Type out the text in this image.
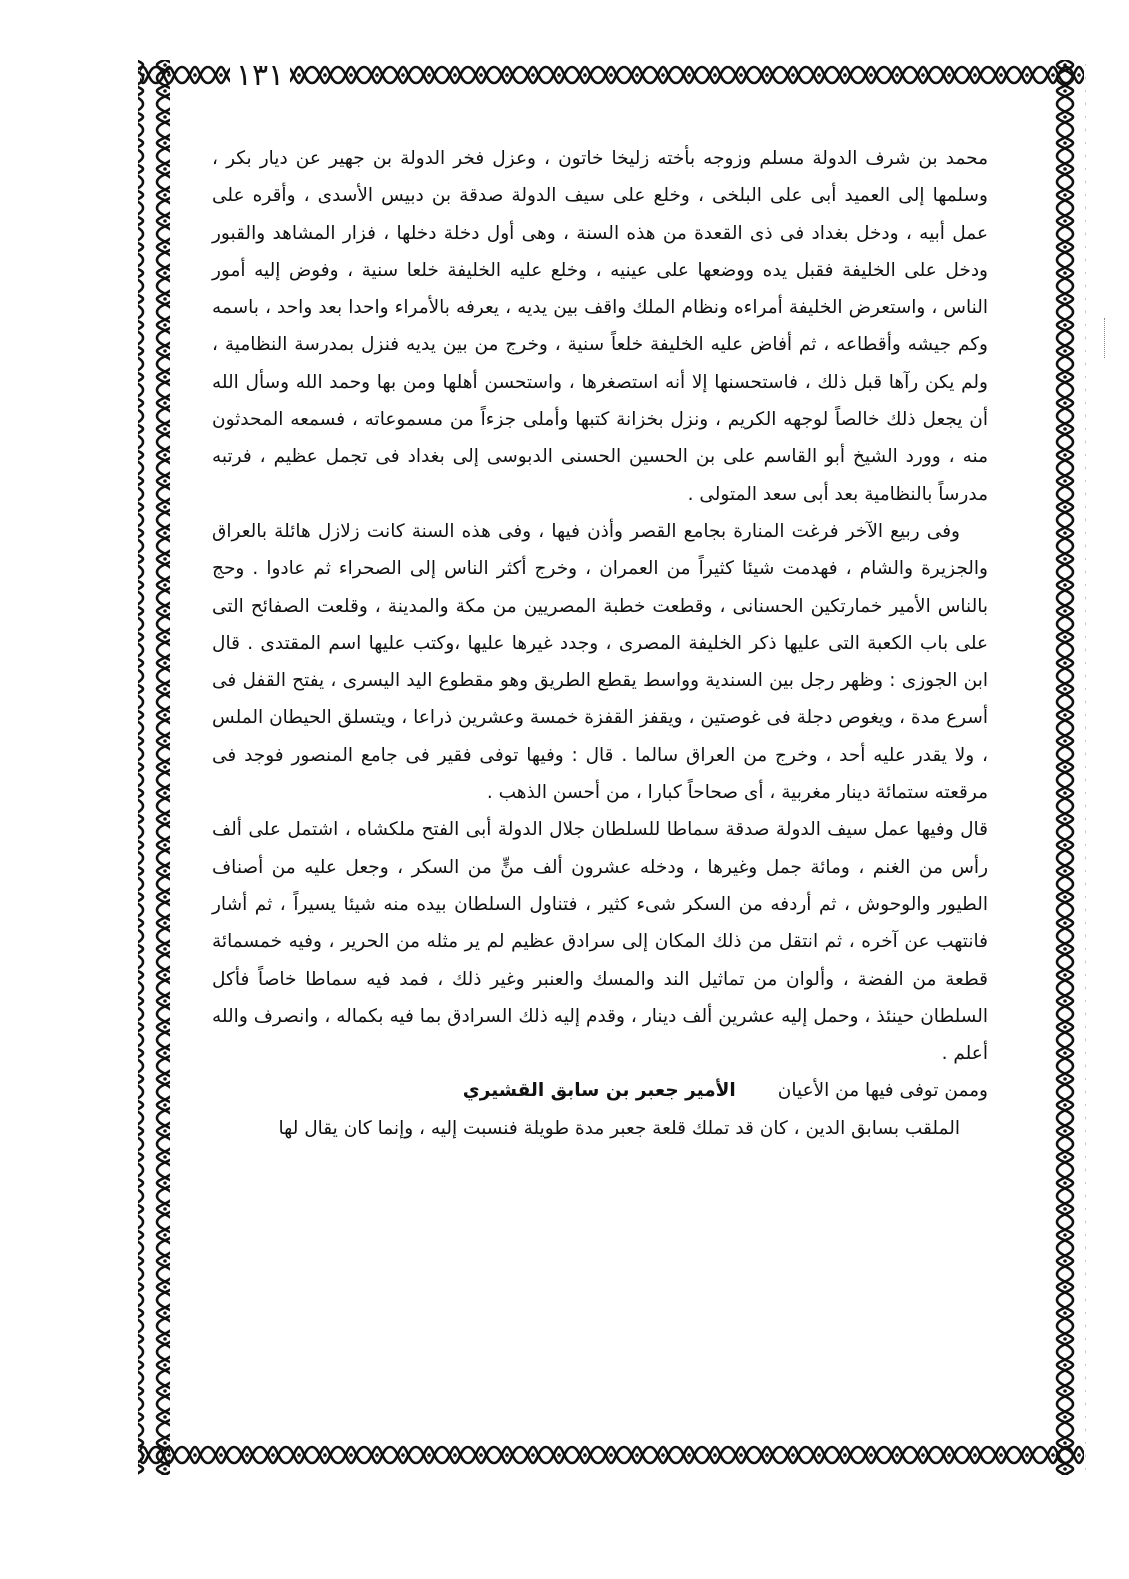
١٣١

محمد بن شرف الدولة مسلم وزوجه بأخته زليخا خاتون ، وعزل فخر الدولة بن جهير عن ديار بكر ، وسلمها إلى العميد أبى على البلخى ، وخلع على سيف الدولة صدقة بن دبيس الأسدى ، وأقره على عمل أبيه ، ودخل بغداد فى ذى القعدة من هذه السنة ، وهى أول دخلة دخلها ، فزار المشاهد والقبور ودخل على الخليفة فقبل يده ووضعها على عينيه ، وخلع عليه الخليفة خلعا سنية ، وفوض إليه أمور الناس ، واستعرض الخليفة أمراءه ونظام الملك واقف بين يديه ، يعرفه بالأمراء واحدا بعد واحد ، باسمه وكم جيشه وأقطاعه ، ثم أفاض عليه الخليفة خلعاً سنية ، وخرج من بين يديه فنزل بمدرسة النظامية ، ولم يكن رآها قبل ذلك ، فاستحسنها إلا أنه استصغرها ، واستحسن أهلها ومن بها وحمد الله وسأل الله أن يجعل ذلك خالصاً لوجهه الكريم ، ونزل بخزانة كتبها وأملى جزءاً من مسموعاته ، فسمعه المحدثون منه ، وورد الشيخ أبو القاسم على بن الحسين الحسنى الدبوسى إلى بغداد فى تجمل عظيم ، فرتبه مدرساً بالنظامية بعد أبى سعد المتولى .

وفى ربيع الآخر فرغت المنارة بجامع القصر وأذن فيها ، وفى هذه السنة كانت زلازل هائلة بالعراق والجزيرة والشام ، فهدمت شيئا كثيراً من العمران ، وخرج أكثر الناس إلى الصحراء ثم عادوا . وحج بالناس الأمير خمارتكين الحسنانى ، وقطعت خطبة المصريين من مكة والمدينة ، وقلعت الصفائح التى على باب الكعبة التى عليها ذكر الخليفة المصرى ، وجدد غيرها عليها ،وكتب عليها اسم المقتدى . قال ابن الجوزى : وظهر رجل بين السندية وواسط يقطع الطريق وهو مقطوع اليد اليسرى ، يفتح القفل فى أسرع مدة ، ويغوص دجلة فى غوصتين ، ويقفز القفزة خمسة وعشرين ذراعا ، ويتسلق الحيطان الملس ، ولا يقدر عليه أحد ، وخرج من العراق سالما . قال : وفيها توفى فقير فى جامع المنصور فوجد فى مرقعته ستمائة دينار مغربية ، أى صحاحاً كبارا ، من أحسن الذهب .

قال وفيها عمل سيف الدولة صدقة سماطا للسلطان جلال الدولة أبى الفتح ملكشاه ، اشتمل على ألف رأس من الغنم ، ومائة جمل وغيرها ، ودخله عشرون ألف منٍّ من السكر ، وجعل عليه من أصناف الطيور والوحوش ، ثم أردفه من السكر شىء كثير ، فتناول السلطان بيده منه شيئا يسيراً ، ثم أشار فانتهب عن آخره ، ثم انتقل من ذلك المكان إلى سرادق عظيم لم ير مثله من الحرير ، وفيه خمسمائة قطعة من الفضة ، وألوان من تماثيل الند والمسك والعنبر وغير ذلك ، فمد فيه سماطا خاصاً فأكل السلطان حينئذ ، وحمل إليه عشرين ألف دينار ، وقدم إليه ذلك السرادق بما فيه بكماله ، وانصرف والله أعلم .

وممن توفى فيها من الأعيان
الأمير جعبر بن سابق القشيري

الملقب بسابق الدين ، كان قد تملك قلعة جعبر مدة طويلة فنسبت إليه ، وإنما كان يقال لها
